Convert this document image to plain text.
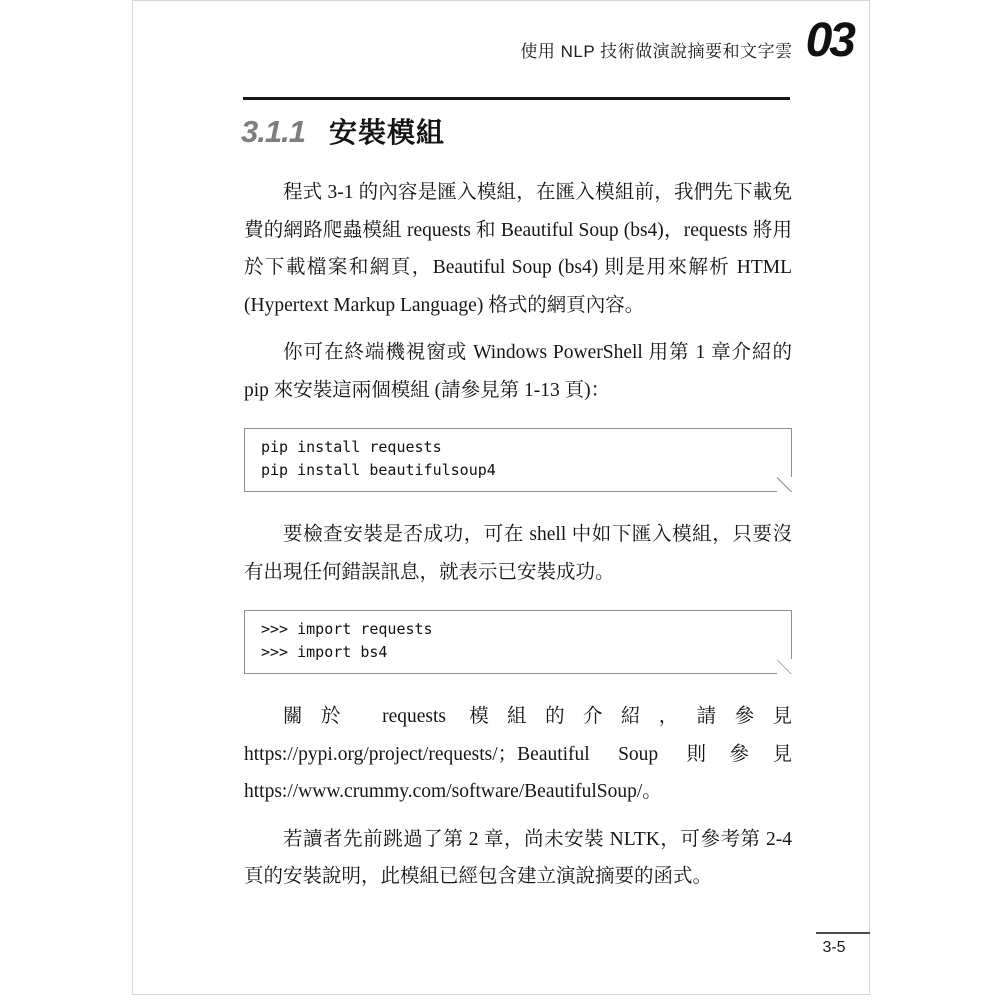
使用 NLP 技術做演說摘要和文字雲 03
3.1.1 安裝模組

程式 3-1 的內容是匯入模組，在匯入模組前，我們先下載免費的網路爬蟲模組 requests 和 Beautiful Soup (bs4)，requests 將用於下載檔案和網頁，Beautiful Soup (bs4) 則是用來解析 HTML (Hypertext Markup Language) 格式的網頁內容。

你可在終端機視窗或 Windows PowerShell 用第 1 章介紹的 pip 來安裝這兩個模組 (請參見第 1-13 頁)：

pip install requests
pip install beautifulsoup4

要檢查安裝是否成功，可在 shell 中如下匯入模組，只要沒有出現任何錯誤訊息，就表示已安裝成功。

>>> import requests
>>> import bs4

關於 requests 模組的介紹，請參見 https://pypi.org/project/requests/；Beautiful Soup 則參見 https://www.crummy.com/software/BeautifulSoup/。

若讀者先前跳過了第 2 章，尚未安裝 NLTK，可參考第 2-4 頁的安裝說明，此模組已經包含建立演說摘要的函式。

3-5
